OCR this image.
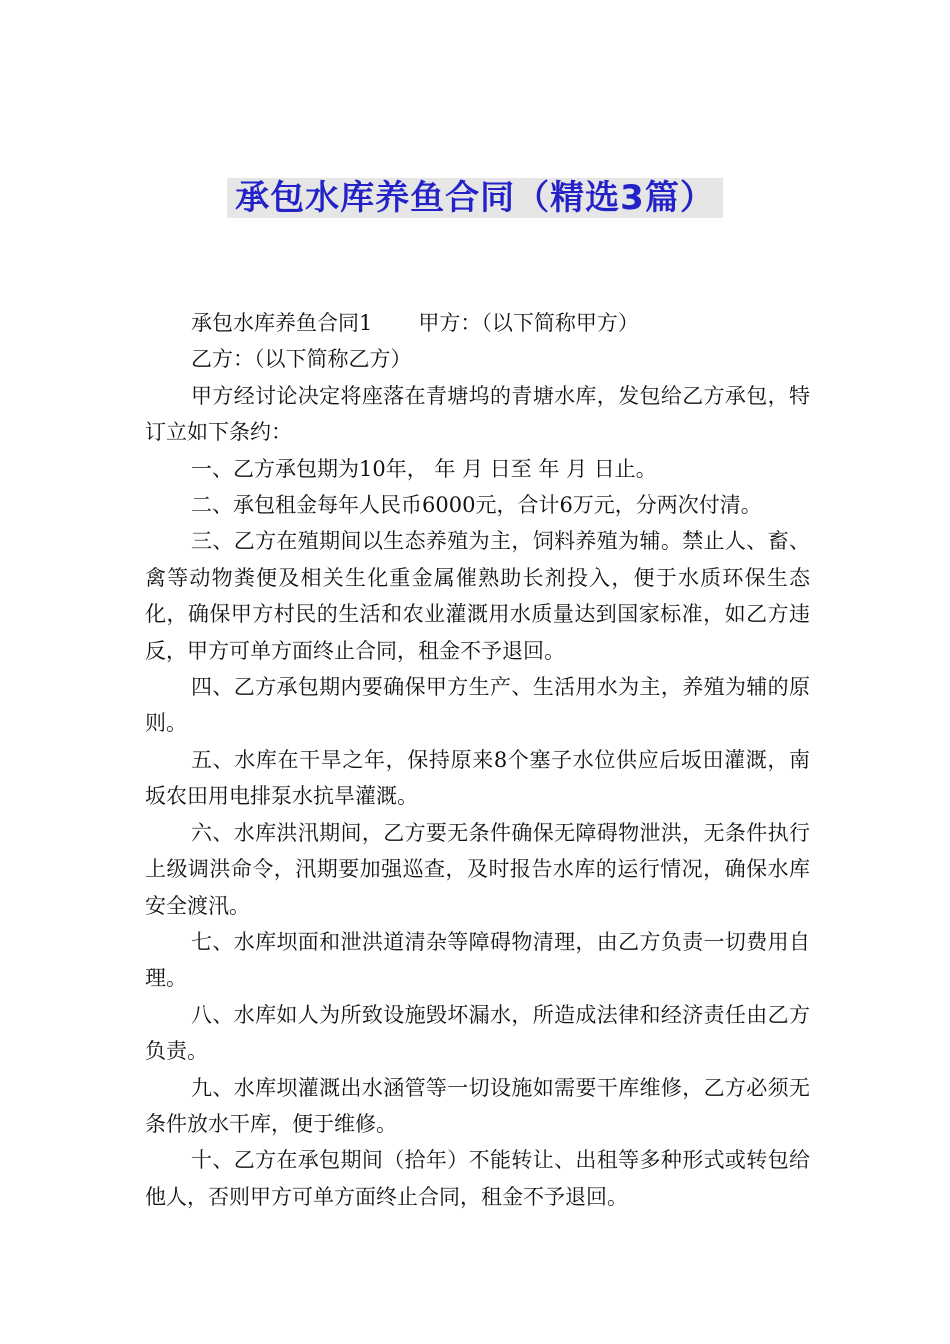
承包水库养鱼合同（精选3篇）

承包水库养鱼合同1 甲方：（以下简称甲方）

乙方：（以下简称乙方）

甲方经讨论决定将座落在青塘坞的青塘水库，发包给乙方承包，特订立如下条约：

一、乙方承包期为10年， 年 月 日至 年 月 日止。

二、承包租金每年人民币6000元，合计6万元，分两次付清。

三、乙方在殖期间以生态养殖为主，饲料养殖为辅。禁止人、畜、禽等动物粪便及相关生化重金属催熟助长剂投入，便于水质环保生态化，确保甲方村民的生活和农业灌溉用水质量达到国家标准，如乙方违反，甲方可单方面终止合同，租金不予退回。

四、乙方承包期内要确保甲方生产、生活用水为主，养殖为辅的原则。

五、水库在干旱之年，保持原来8个塞子水位供应后坂田灌溉，南坂农田用电排泵水抗旱灌溉。

六、水库洪汛期间，乙方要无条件确保无障碍物泄洪，无条件执行上级调洪命令，汛期要加强巡查，及时报告水库的运行情况，确保水库安全渡汛。

七、水库坝面和泄洪道清杂等障碍物清理，由乙方负责一切费用自理。

八、水库如人为所致设施毁坏漏水，所造成法律和经济责任由乙方负责。

九、水库坝灌溉出水涵管等一切设施如需要干库维修，乙方必须无条件放水干库，便于维修。

十、乙方在承包期间（拾年）不能转让、出租等多种形式或转包给他人，否则甲方可单方面终止合同，租金不予退回。
